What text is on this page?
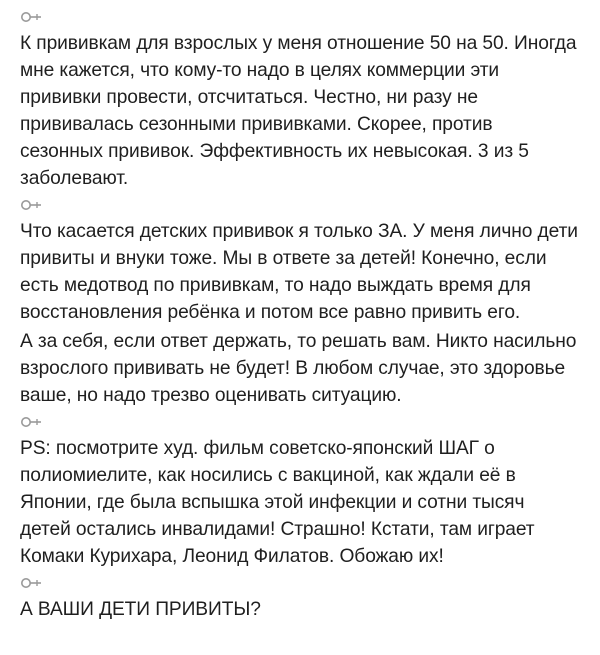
К прививкам для взрослых у меня отношение 50 на 50. Иногда мне кажется, что кому-то надо в целях коммерции эти прививки провести, отсчитаться. Честно, ни разу не прививалась сезонными прививками. Скорее, против сезонных прививок. Эффективность их невысокая. 3 из 5 заболевают.

Что касается детских прививок я только ЗА. У меня лично дети привиты и внуки тоже. Мы в ответе за детей! Конечно, если есть медотвод по прививкам, то надо выждать время для восстановления ребёнка и потом все равно привить его.

А за себя, если ответ держать, то решать вам. Никто насильно взрослого прививать не будет! В любом случае, это здоровье ваше, но надо трезво оценивать ситуацию.

PS: посмотрите худ. фильм советско-японский ШАГ о полиомиелите, как носились с вакциной, как ждали её в Японии, где была вспышка этой инфекции и сотни тысяч детей остались инвалидами! Страшно! Кстати, там играет Комаки Курихара, Леонид Филатов. Обожаю их!

А ВАШИ ДЕТИ ПРИВИТЫ?
